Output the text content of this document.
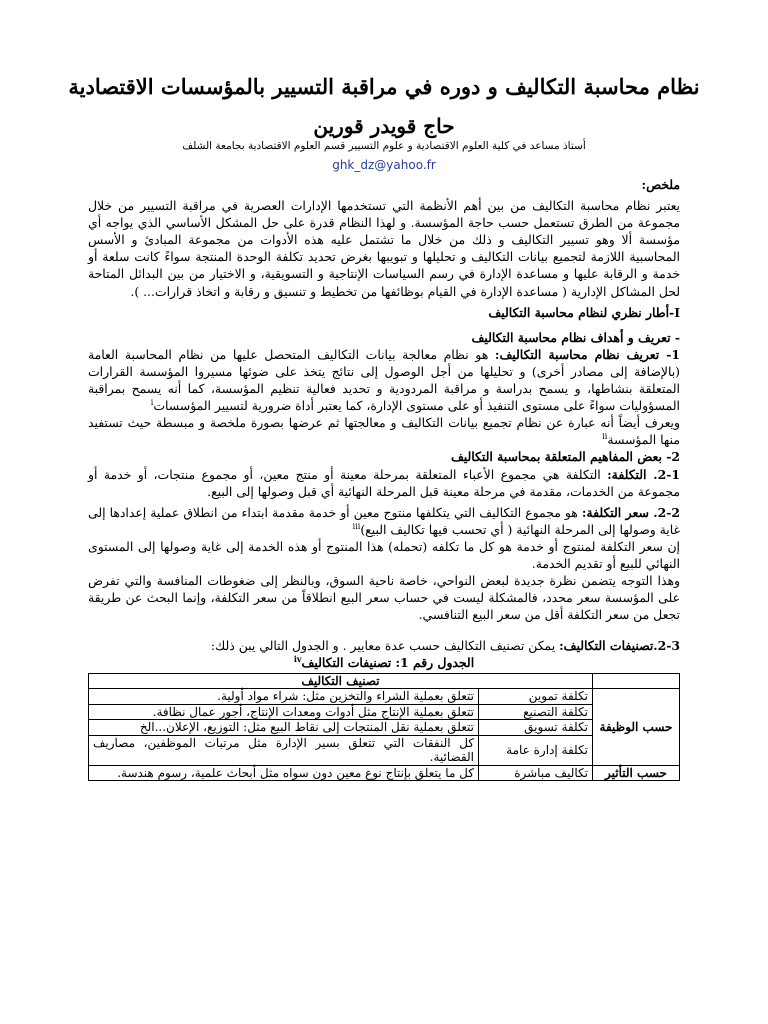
نظام محاسبة التكاليف و دوره في مراقبة التسيير بالمؤسسات الاقتصادية
حاج قويدر قورين
أستاذ مساعد في كلية العلوم الاقتصادية و علوم التسيير قسم العلوم الاقتصادية بجامعة الشلف
ghk_dz@yahoo.fr

ملخص:

يعتبر نظام محاسبة التكاليف من بين أهم الأنظمة التي تستخدمها الإدارات العصرية في مراقبة التسيير من خلال مجموعة من الطرق تستعمل حسب حاجة المؤسسة. و لهذا النظام قدرة على حل المشكل الأساسي الذي يواجه أي مؤسسة ألا وهو تسيير التكاليف و ذلك من خلال ما تشتمل عليه هذه الأدوات من مجموعة المبادئ و الأسس المحاسبية اللازمة لتجميع بيانات التكاليف و تحليلها و تبويبها بغرض تحديد تكلفة الوحدة المنتجة سواءً كانت سلعة أو خدمة و الرقابة عليها و مساعدة الإدارة في رسم السياسات الإنتاجية و التسويقية، و الاختيار من بين البدائل المتاحة لحل المشاكل الإدارية ( مساعدة الإدارة في القيام بوظائفها من تخطيط و تنسيق و رقابة و اتخاذ قرارات... ).

I-أطار نظري لنظام محاسبة التكاليف

- تعريف و أهداف نظام محاسبة التكاليف

1- تعريف نظام محاسبة التكاليف: هو نظام معالجة بيانات التكاليف المتحصل عليها من نظام المحاسبة العامة (بالإضافة إلى مصادر أخرى) و تحليلها من أجل الوصول إلى نتائج يتخذ على ضوئها مسيروا المؤسسة القرارات المتعلقة بنشاطها، و يسمح بدراسة و مراقبة المردودية و تحديد فعالية تنظيم المؤسسة، كما أنه يسمح بمراقبة المسؤوليات سواءً على مستوى التنفيذ أو على مستوى الإدارة، كما يعتبر أداة ضرورية لتسيير المؤسسات$^i$

ويعرف أيضاً أنه عبارة عن نظام تجميع بيانات التكاليف و معالجتها ثم عرضها بصورة ملخصة و مبسطة حيث تستفيد منها المؤسسة$^{ii}$

2- بعض المفاهيم المتعلقة بمحاسبة التكاليف

2-1. التكلفة: التكلفة هي مجموع الأعباء المتعلقة بمرحلة معينة أو منتج معين، أو مجموع منتجات، أو خدمة أو مجموعة من الخدمات، مقدمة في مرحلة معينة قبل المرحلة النهائية أي قبل وصولها إلى البيع.

2-2. سعر التكلفة: هو مجموع التكاليف التي يتكلفها منتوج معين أو خدمة مقدمة ابتداء من انطلاق عملية إعدادها إلى غاية وصولها إلى المرحلة النهائية ( أي تحسب فيها تكاليف البيع)$^{iii}$

إن سعر التكلفة لمنتوج أو خدمة هو كل ما تكلفه (تحمله) هذا المنتوج أو هذه الخدمة إلى غاية وصولها إلى المستوى النهائي للبيع أو تقديم الخدمة.

وهذا التوجه يتضمن نظرة جديدة لبعض النواحي، خاصة ناحية السوق، وبالنظر إلى ضغوطات المنافسة والتي تفرض على المؤسسة سعر محدد، فالمشكلة ليست في حساب سعر البيع انطلاقاً من سعر التكلفة، وإنما البحث عن طريقة تجعل من سعر التكلفة أقل من سعر البيع التنافسي.

2-3.تصنيفات التكاليف: يمكن تصنيف التكاليف حسب عدة معايير . و الجدول التالي يبن ذلك:

الجدول رقم 1: تصنيفات التكاليف$^{iv}$

	تصنيف التكاليف	
حسب الوظيفة	تكلفة تموين	تتعلق بعملية الشراء والتخزين مثل: شراء مواد أولية.
	تكلفة التصنيع	تتعلق بعملية الإنتاج مثل أدوات ومعدات الإنتاج، أجور عمال نظافة.
	تكلفة تسويق	تتعلق بعملية نقل المنتجات إلى نقاط البيع مثل: التوزيع، الإعلان...الخ
	تكلفة إدارة عامة	كل النفقات التي تتعلق بسير الإدارة مثل مرتبات الموظفين، مصاريف القضائية.
حسب التأثير	تكاليف مباشرة	كل ما يتعلق بإنتاج نوع معين دون سواه مثل أبحاث علمية، رسوم هندسة.
